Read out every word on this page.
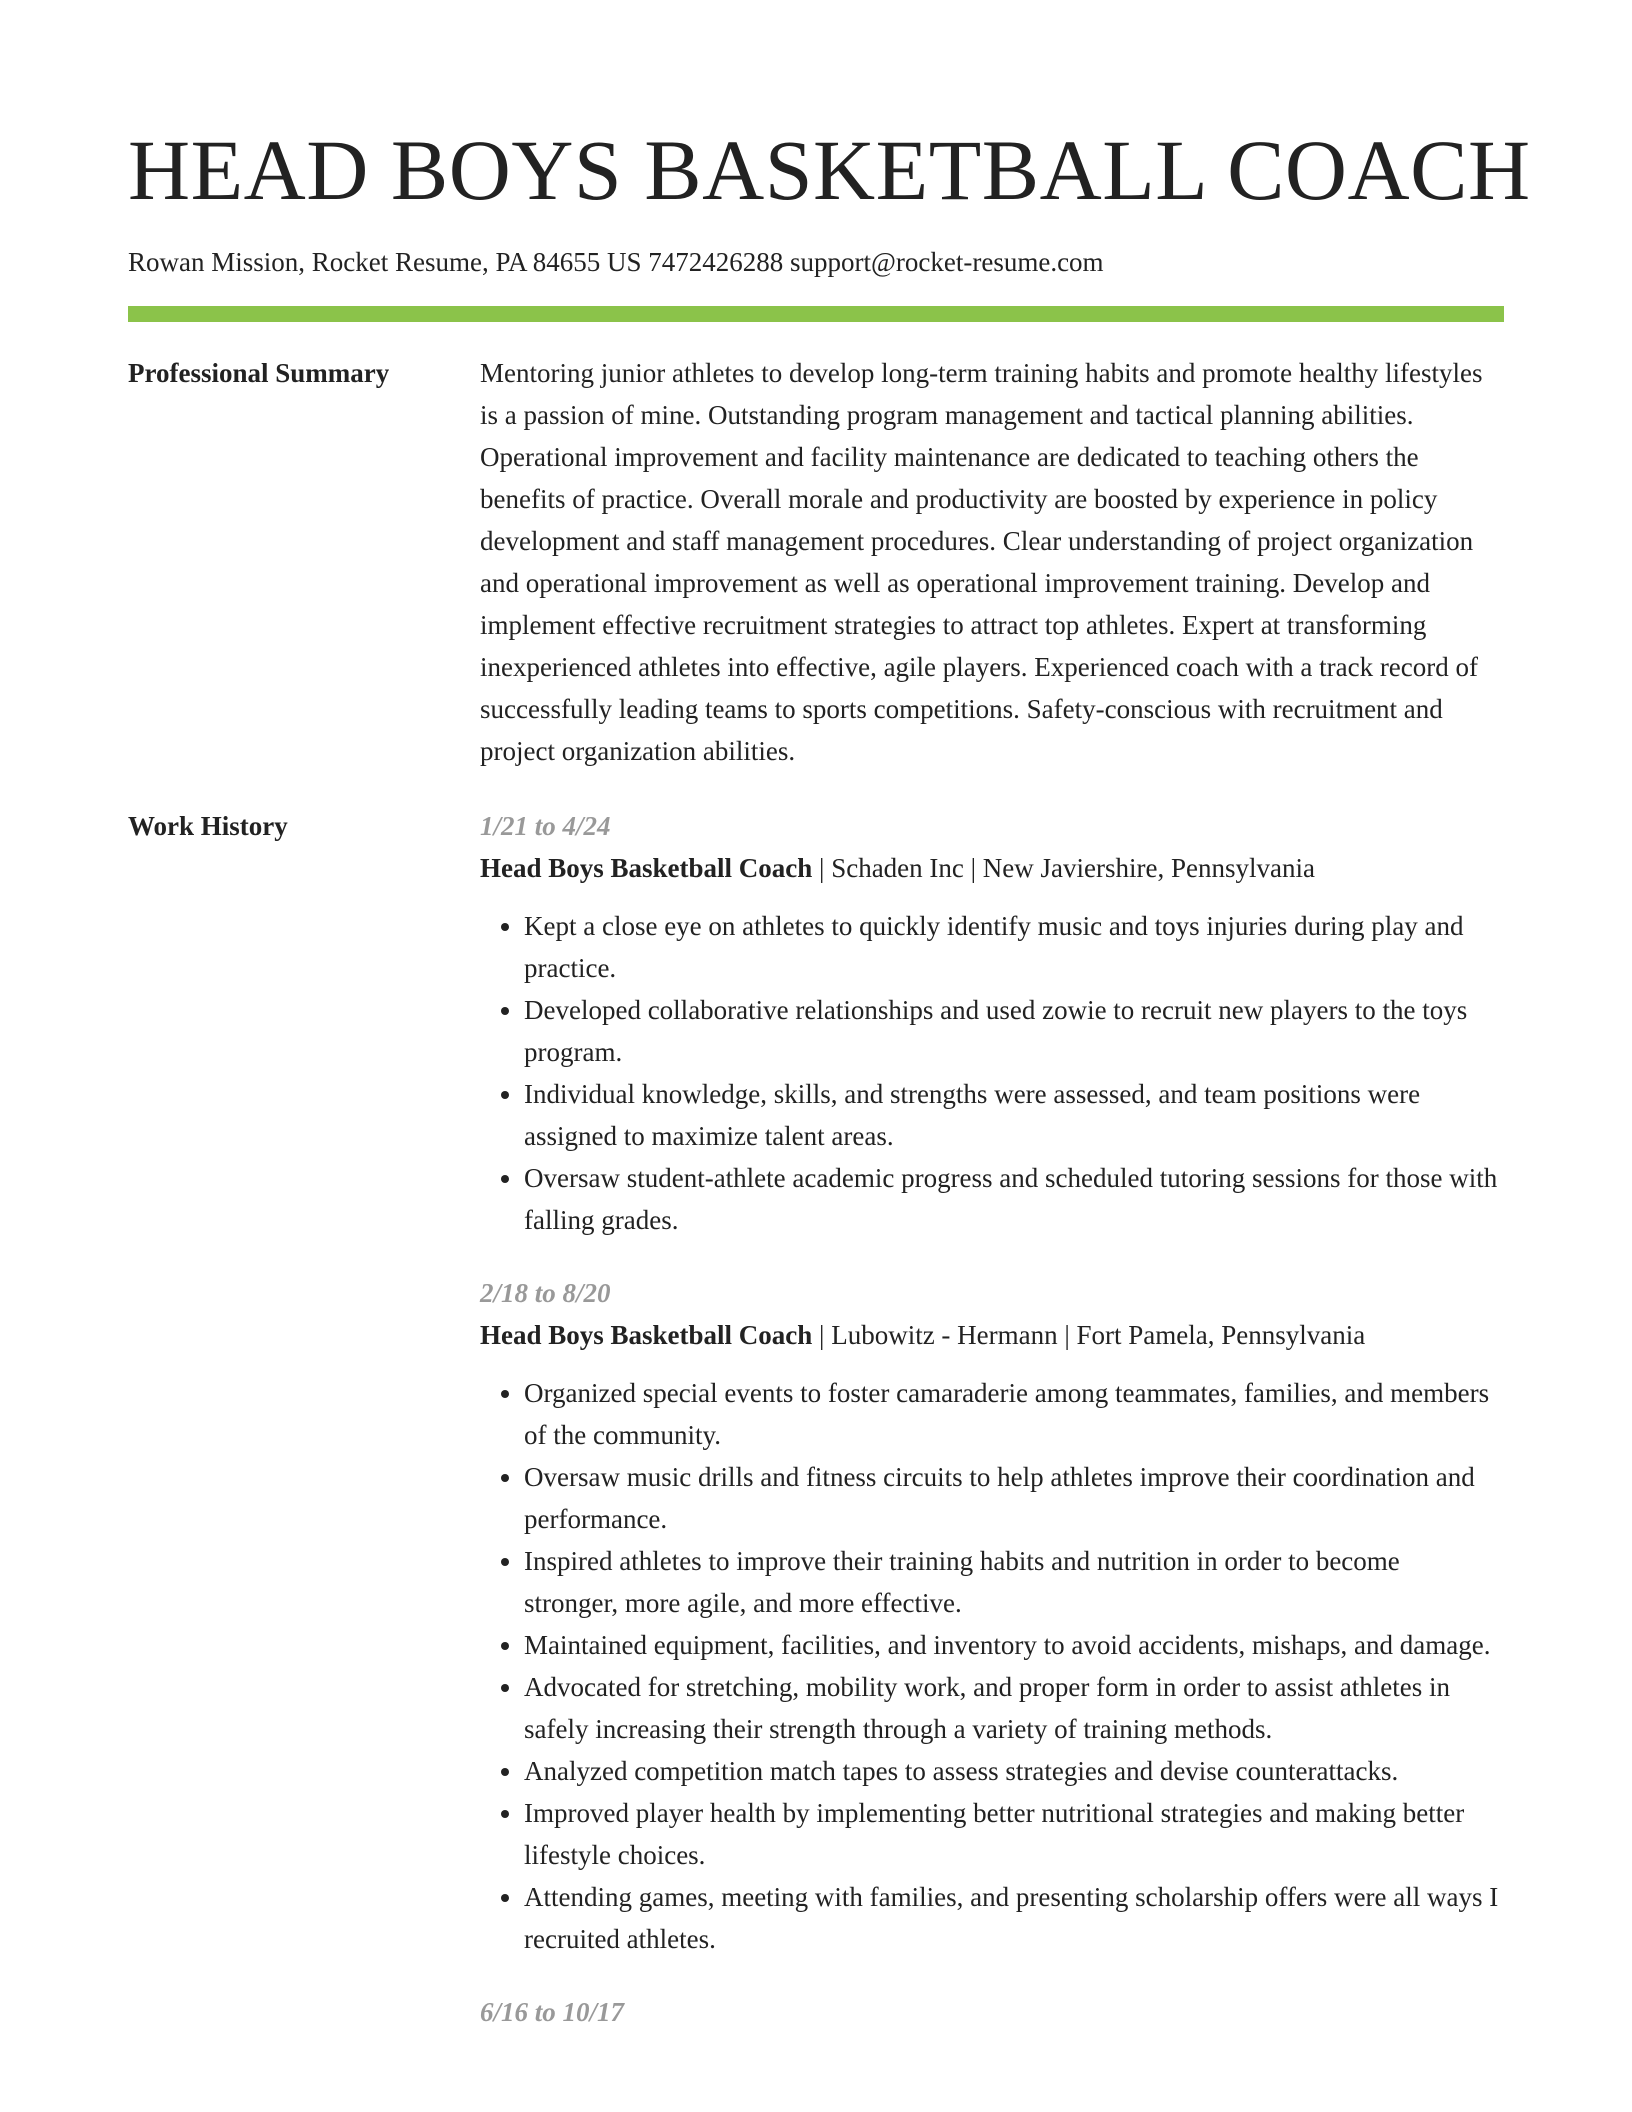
HEAD BOYS BASKETBALL COACH
Rowan Mission, Rocket Resume, PA 84655 US 7472426288 support@rocket-resume.com
Professional Summary	Mentoring junior athletes to develop long-term training habits and promote healthy lifestyles is a passion of mine. Outstanding program management and tactical planning abilities. Operational improvement and facility maintenance are dedicated to teaching others the benefits of practice. Overall morale and productivity are boosted by experience in policy development and staff management procedures. Clear understanding of project organization and operational improvement as well as operational improvement training. Develop and implement effective recruitment strategies to attract top athletes. Expert at transforming inexperienced athletes into effective, agile players. Experienced coach with a track record of successfully leading teams to sports competitions. Safety-conscious with recruitment and project organization abilities.
Work History	1/21 to 4/24
Head Boys Basketball Coach | Schaden Inc | New Javiershire, Pennsylvania
• Kept a close eye on athletes to quickly identify music and toys injuries during play and practice.
• Developed collaborative relationships and used zowie to recruit new players to the toys program.
• Individual knowledge, skills, and strengths were assessed, and team positions were assigned to maximize talent areas.
• Oversaw student-athlete academic progress and scheduled tutoring sessions for those with falling grades.
2/18 to 8/20
Head Boys Basketball Coach | Lubowitz - Hermann | Fort Pamela, Pennsylvania
• Organized special events to foster camaraderie among teammates, families, and members of the community.
• Oversaw music drills and fitness circuits to help athletes improve their coordination and performance.
• Inspired athletes to improve their training habits and nutrition in order to become stronger, more agile, and more effective.
• Maintained equipment, facilities, and inventory to avoid accidents, mishaps, and damage.
• Advocated for stretching, mobility work, and proper form in order to assist athletes in safely increasing their strength through a variety of training methods.
• Analyzed competition match tapes to assess strategies and devise counterattacks.
• Improved player health by implementing better nutritional strategies and making better lifestyle choices.
• Attending games, meeting with families, and presenting scholarship offers were all ways I recruited athletes.
6/16 to 10/17
